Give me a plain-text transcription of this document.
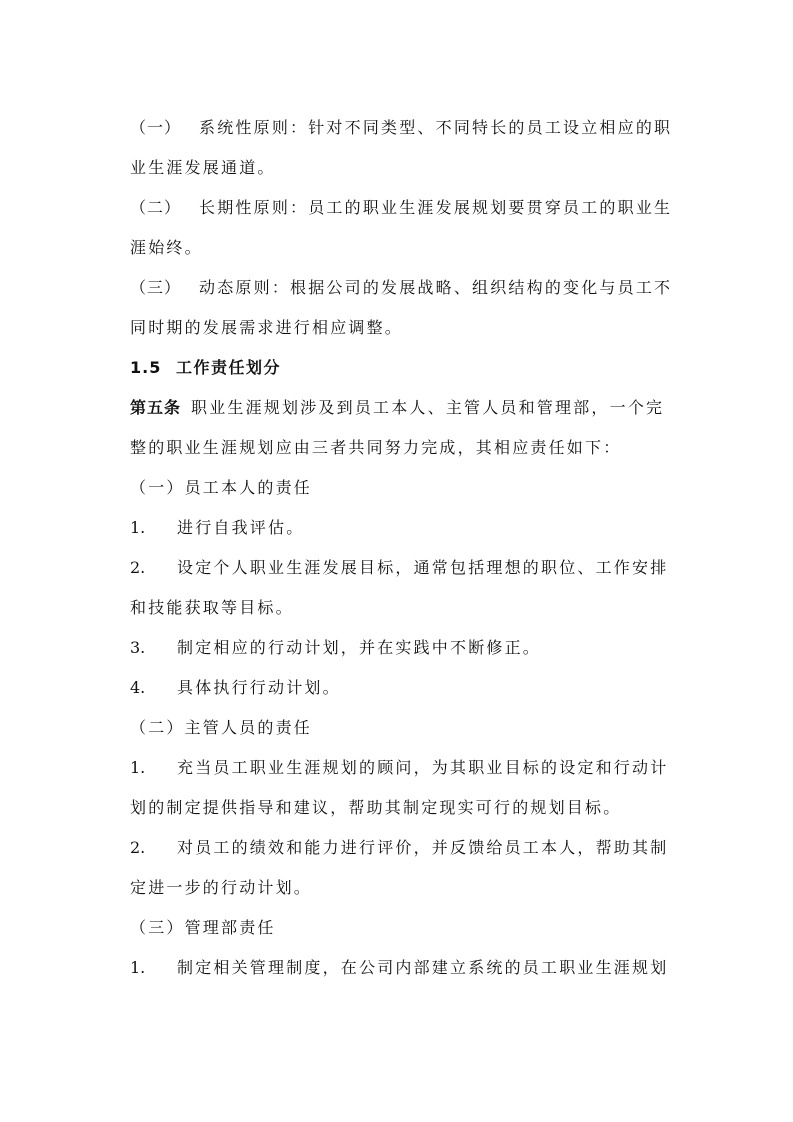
（一） 系统性原则：针对不同类型、不同特长的员工设立相应的职
业生涯发展通道。
（二） 长期性原则：员工的职业生涯发展规划要贯穿员工的职业生
涯始终。
（三） 动态原则：根据公司的发展战略、组织结构的变化与员工不
同时期的发展需求进行相应调整。
1.5 工作责任划分
第五条 职业生涯规划涉及到员工本人、主管人员和管理部，一个完
整的职业生涯规划应由三者共同努力完成，其相应责任如下：
（一）员工本人的责任
1. 进行自我评估。
2. 设定个人职业生涯发展目标，通常包括理想的职位、工作安排
和技能获取等目标。
3. 制定相应的行动计划，并在实践中不断修正。
4. 具体执行行动计划。
（二）主管人员的责任
1. 充当员工职业生涯规划的顾问，为其职业目标的设定和行动计
划的制定提供指导和建议，帮助其制定现实可行的规划目标。
2. 对员工的绩效和能力进行评价，并反馈给员工本人，帮助其制
定进一步的行动计划。
（三）管理部责任
1. 制定相关管理制度，在公司内部建立系统的员工职业生涯规划
